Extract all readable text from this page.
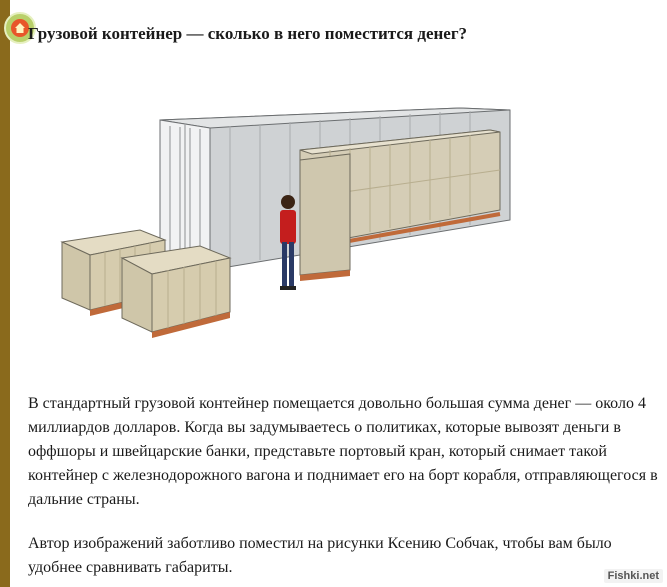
Грузовой контейнер — сколько в него поместится денег?

В стандартный грузовой контейнер помещается довольно большая сумма денег — около 4 миллиардов долларов. Когда вы задумываетесь о политиках, которые вывозят деньги в оффшоры и швейцарские банки, представьте портовый кран, который снимает такой контейнер с железнодорожного вагона и поднимает его на борт корабля, отправляющегося в дальние страны.

Автор изображений заботливо поместил на рисунки Ксению Собчак, чтобы вам было удобнее сравнивать габариты.	Fishki.net
